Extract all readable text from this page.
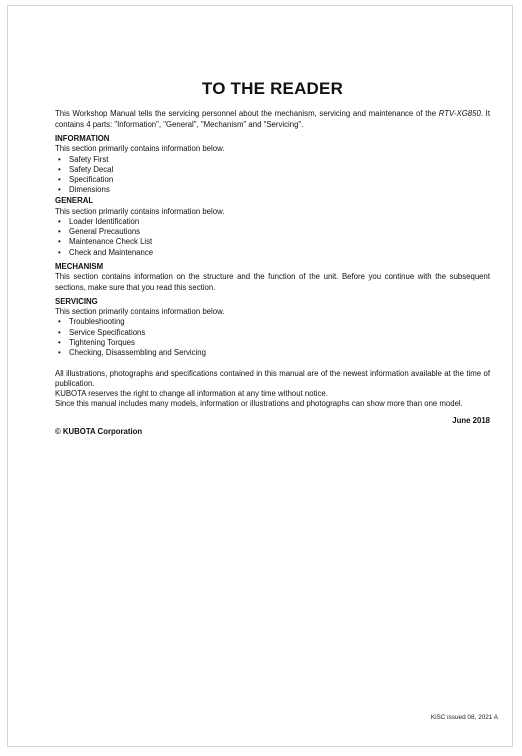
TO THE READER

This Workshop Manual tells the servicing personnel about the mechanism, servicing and maintenance of the RTV-XG850. It contains 4 parts: "Information", "General", "Mechanism" and "Servicing".

INFORMATION

This section primarily contains information below.

• Safety First
• Safety Decal
• Specification
• Dimensions
GENERAL

This section primarily contains information below.

• Loader Identification
• General Precautions
• Maintenance Check List
• Check and Maintenance
MECHANISM

This section contains information on the structure and the function of the unit. Before you continue with the subsequent sections, make sure that you read this section.

SERVICING

This section primarily contains information below.

• Troubleshooting
• Service Specifications
• Tightening Torques
• Checking, Disassembling and Servicing

All illustrations, photographs and specifications contained in this manual are of the newest information available at the time of publication.

KUBOTA reserves the right to change all information at any time without notice.

Since this manual includes many models, information or illustrations and photographs can show more than one model.

June 2018
© KUBOTA Corporation
KiSC issued 08, 2021 A
